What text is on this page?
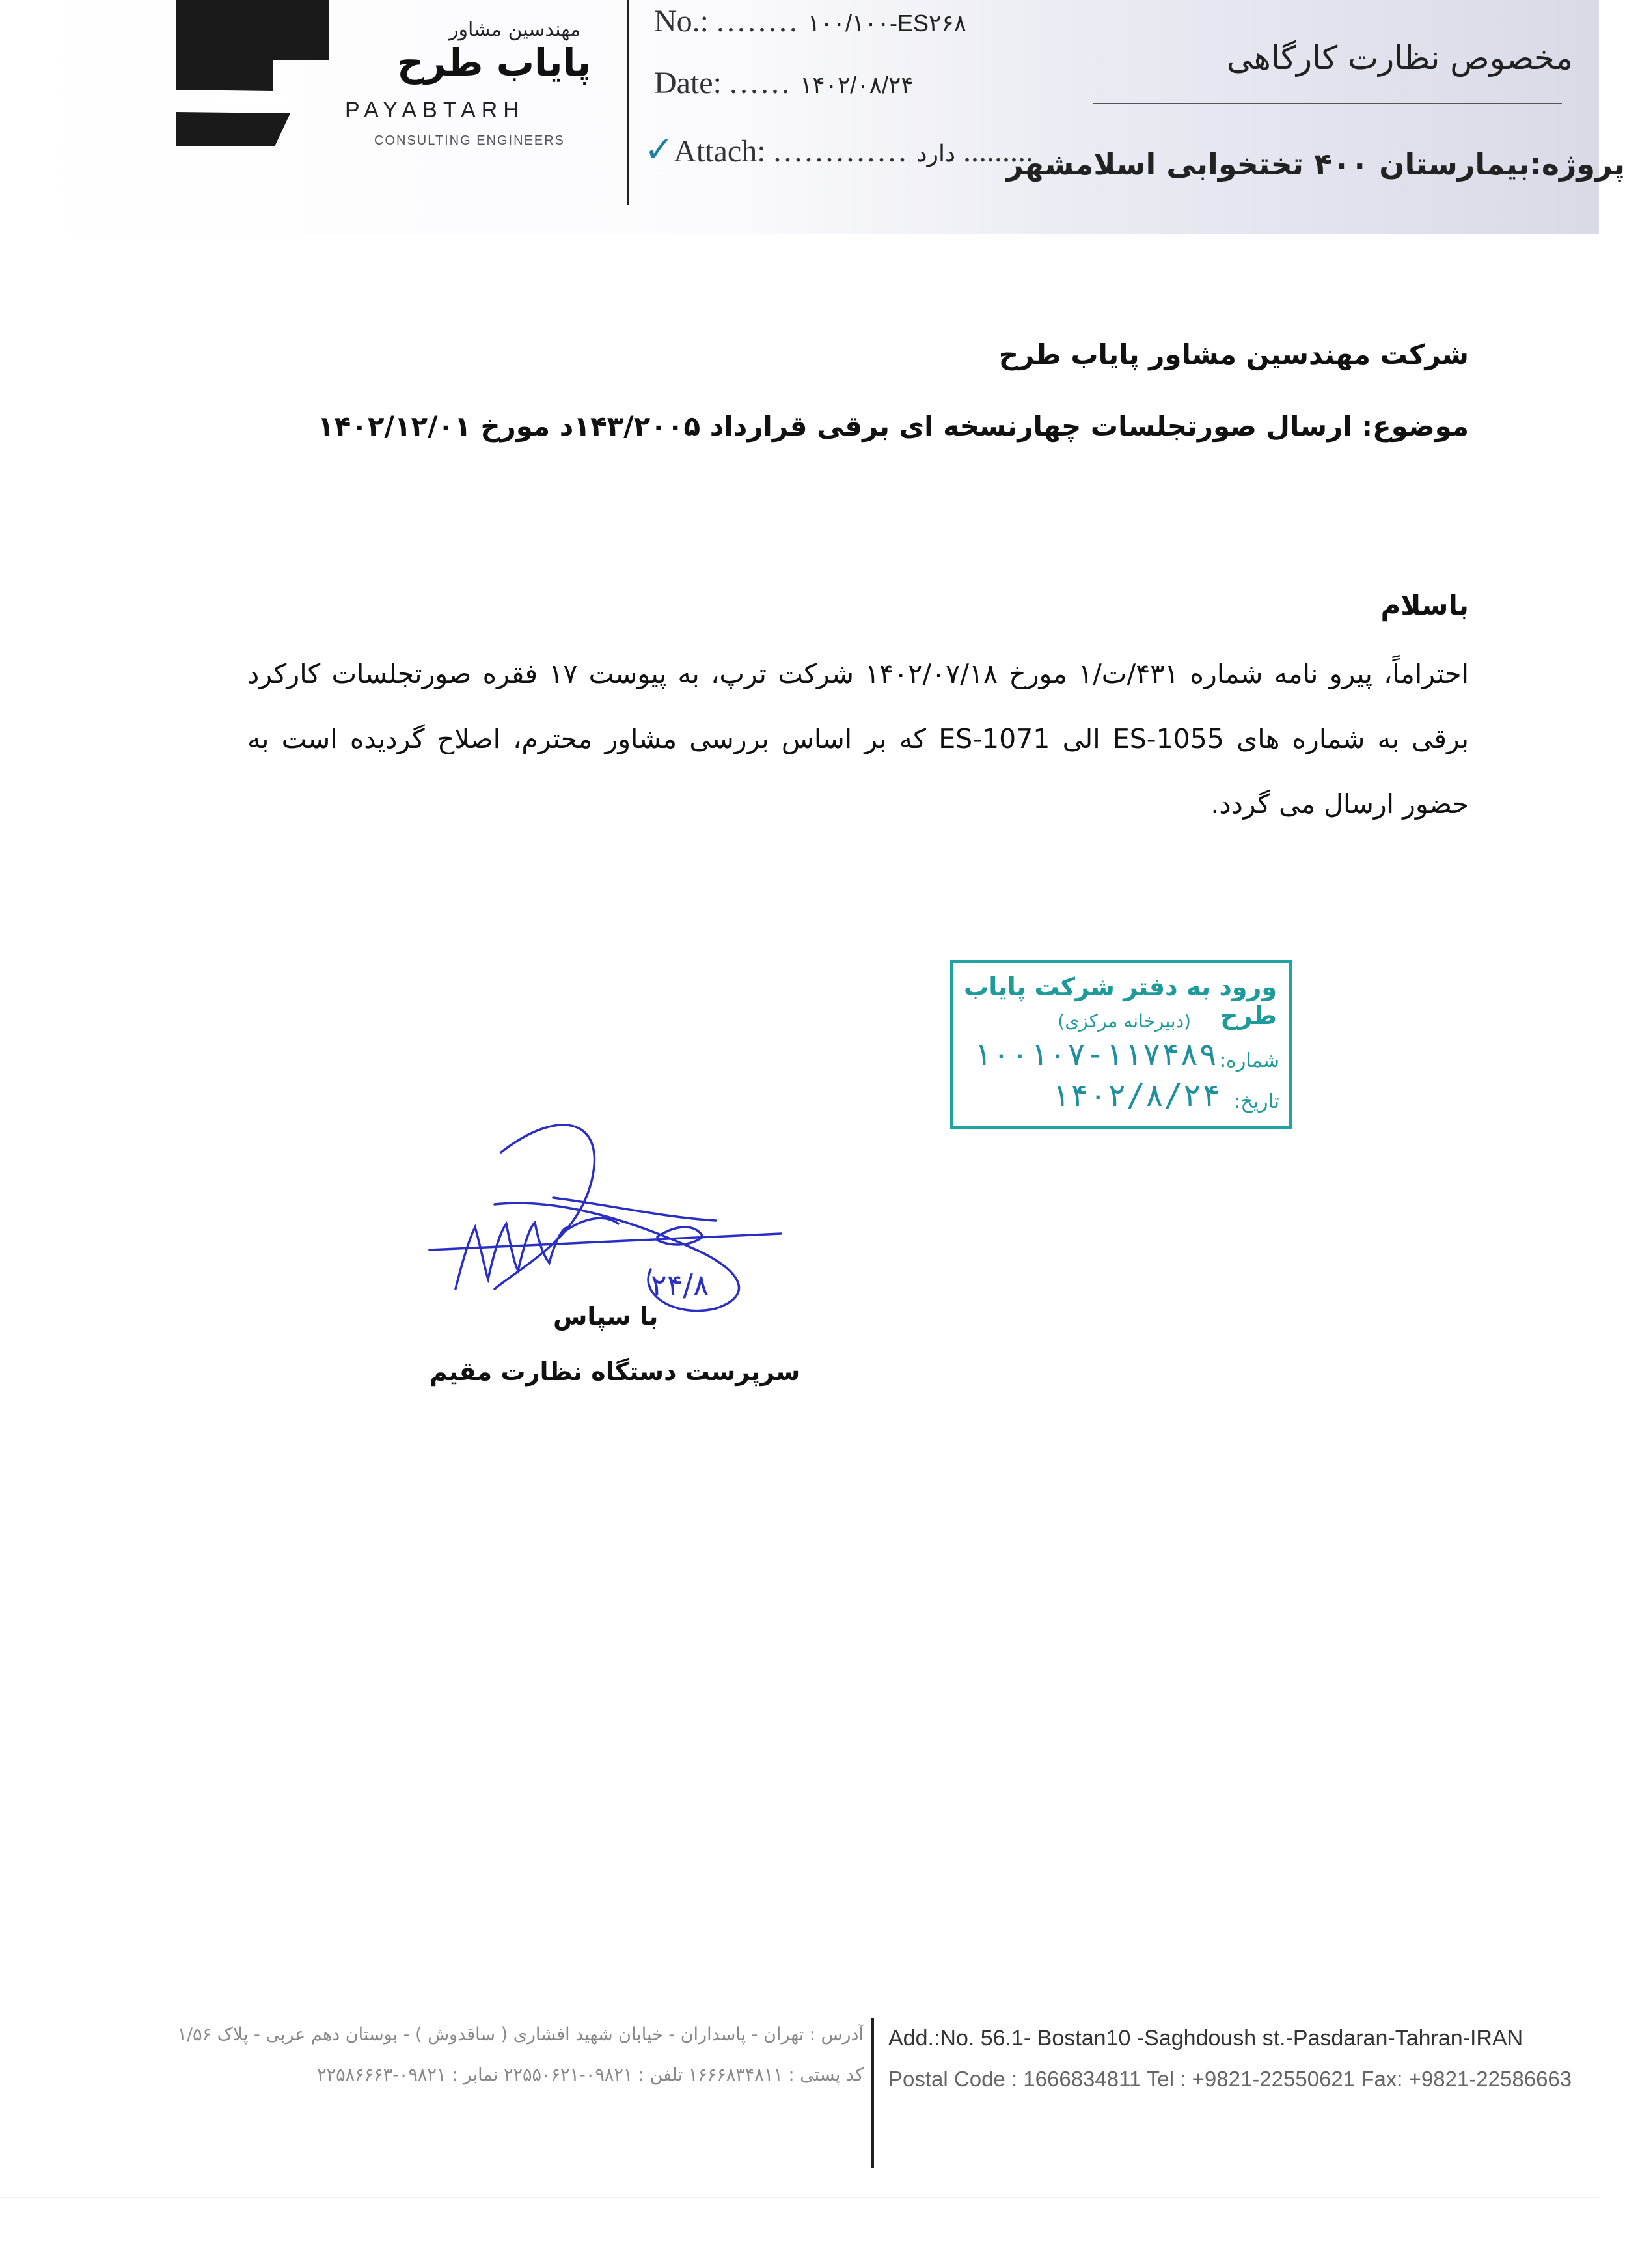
مهندسین مشاور
پایاب طرح
PAYABTARH
CONSULTING ENGINEERS
No.: ........ ۱۰۰/۱۰۰-ES۲۶۸
Date: ...... ۱۴۰۲/۰۸/۲۴
✓Attach: ............. دارد .........
مخصوص نظارت کارگاهی
پروژه:بیمارستان ۴۰۰ تختخوابی اسلامشهر
شرکت مهندسین مشاور پایاب طرح
موضوع: ارسال صورتجلسات چهارنسخه ای برقی قرارداد ۱۴۳/۲۰۰۵د مورخ ۱۴۰۲/۱۲/۰۱
باسلام
احتراماً، پیرو نامه شماره ۴۳۱/ت/۱ مورخ ۱۴۰۲/۰۷/۱۸ شرکت ترپ، به پیوست ۱۷ فقره صورتجلسات کارکرد برقی به شماره های ES-1055 الی ES-1071 که بر اساس بررسی مشاور محترم، اصلاح گردیده است به حضور ارسال می گردد.
ورود به دفتر شرکت پایاب طرح
(دبیرخانه مرکزی)
شماره:
۱۰۰۱۰۷-۱۱۷۴۸۹
تاریخ:
۱۴۰۲/۸/۲۴
۲۴/۸
با سپاس
سرپرست دستگاه نظارت مقیم
آدرس : تهران - پاسداران - خیابان شهید افشاری ( ساقدوش ) - بوستان دهم عربی - پلاک ۱/۵۶
کد پستی : ۱۶۶۶۸۳۴۸۱۱ تلفن : ۰۹۸۲۱-۲۲۵۵۰۶۲۱ نمابر : ۰۹۸۲۱-۲۲۵۸۶۶۶۳
Add.:No. 56.1- Bostan10 -Saghdoush st.-Pasdaran-Tahran-IRAN
Postal Code : 1666834811 Tel : +9821-22550621 Fax: +9821-22586663
